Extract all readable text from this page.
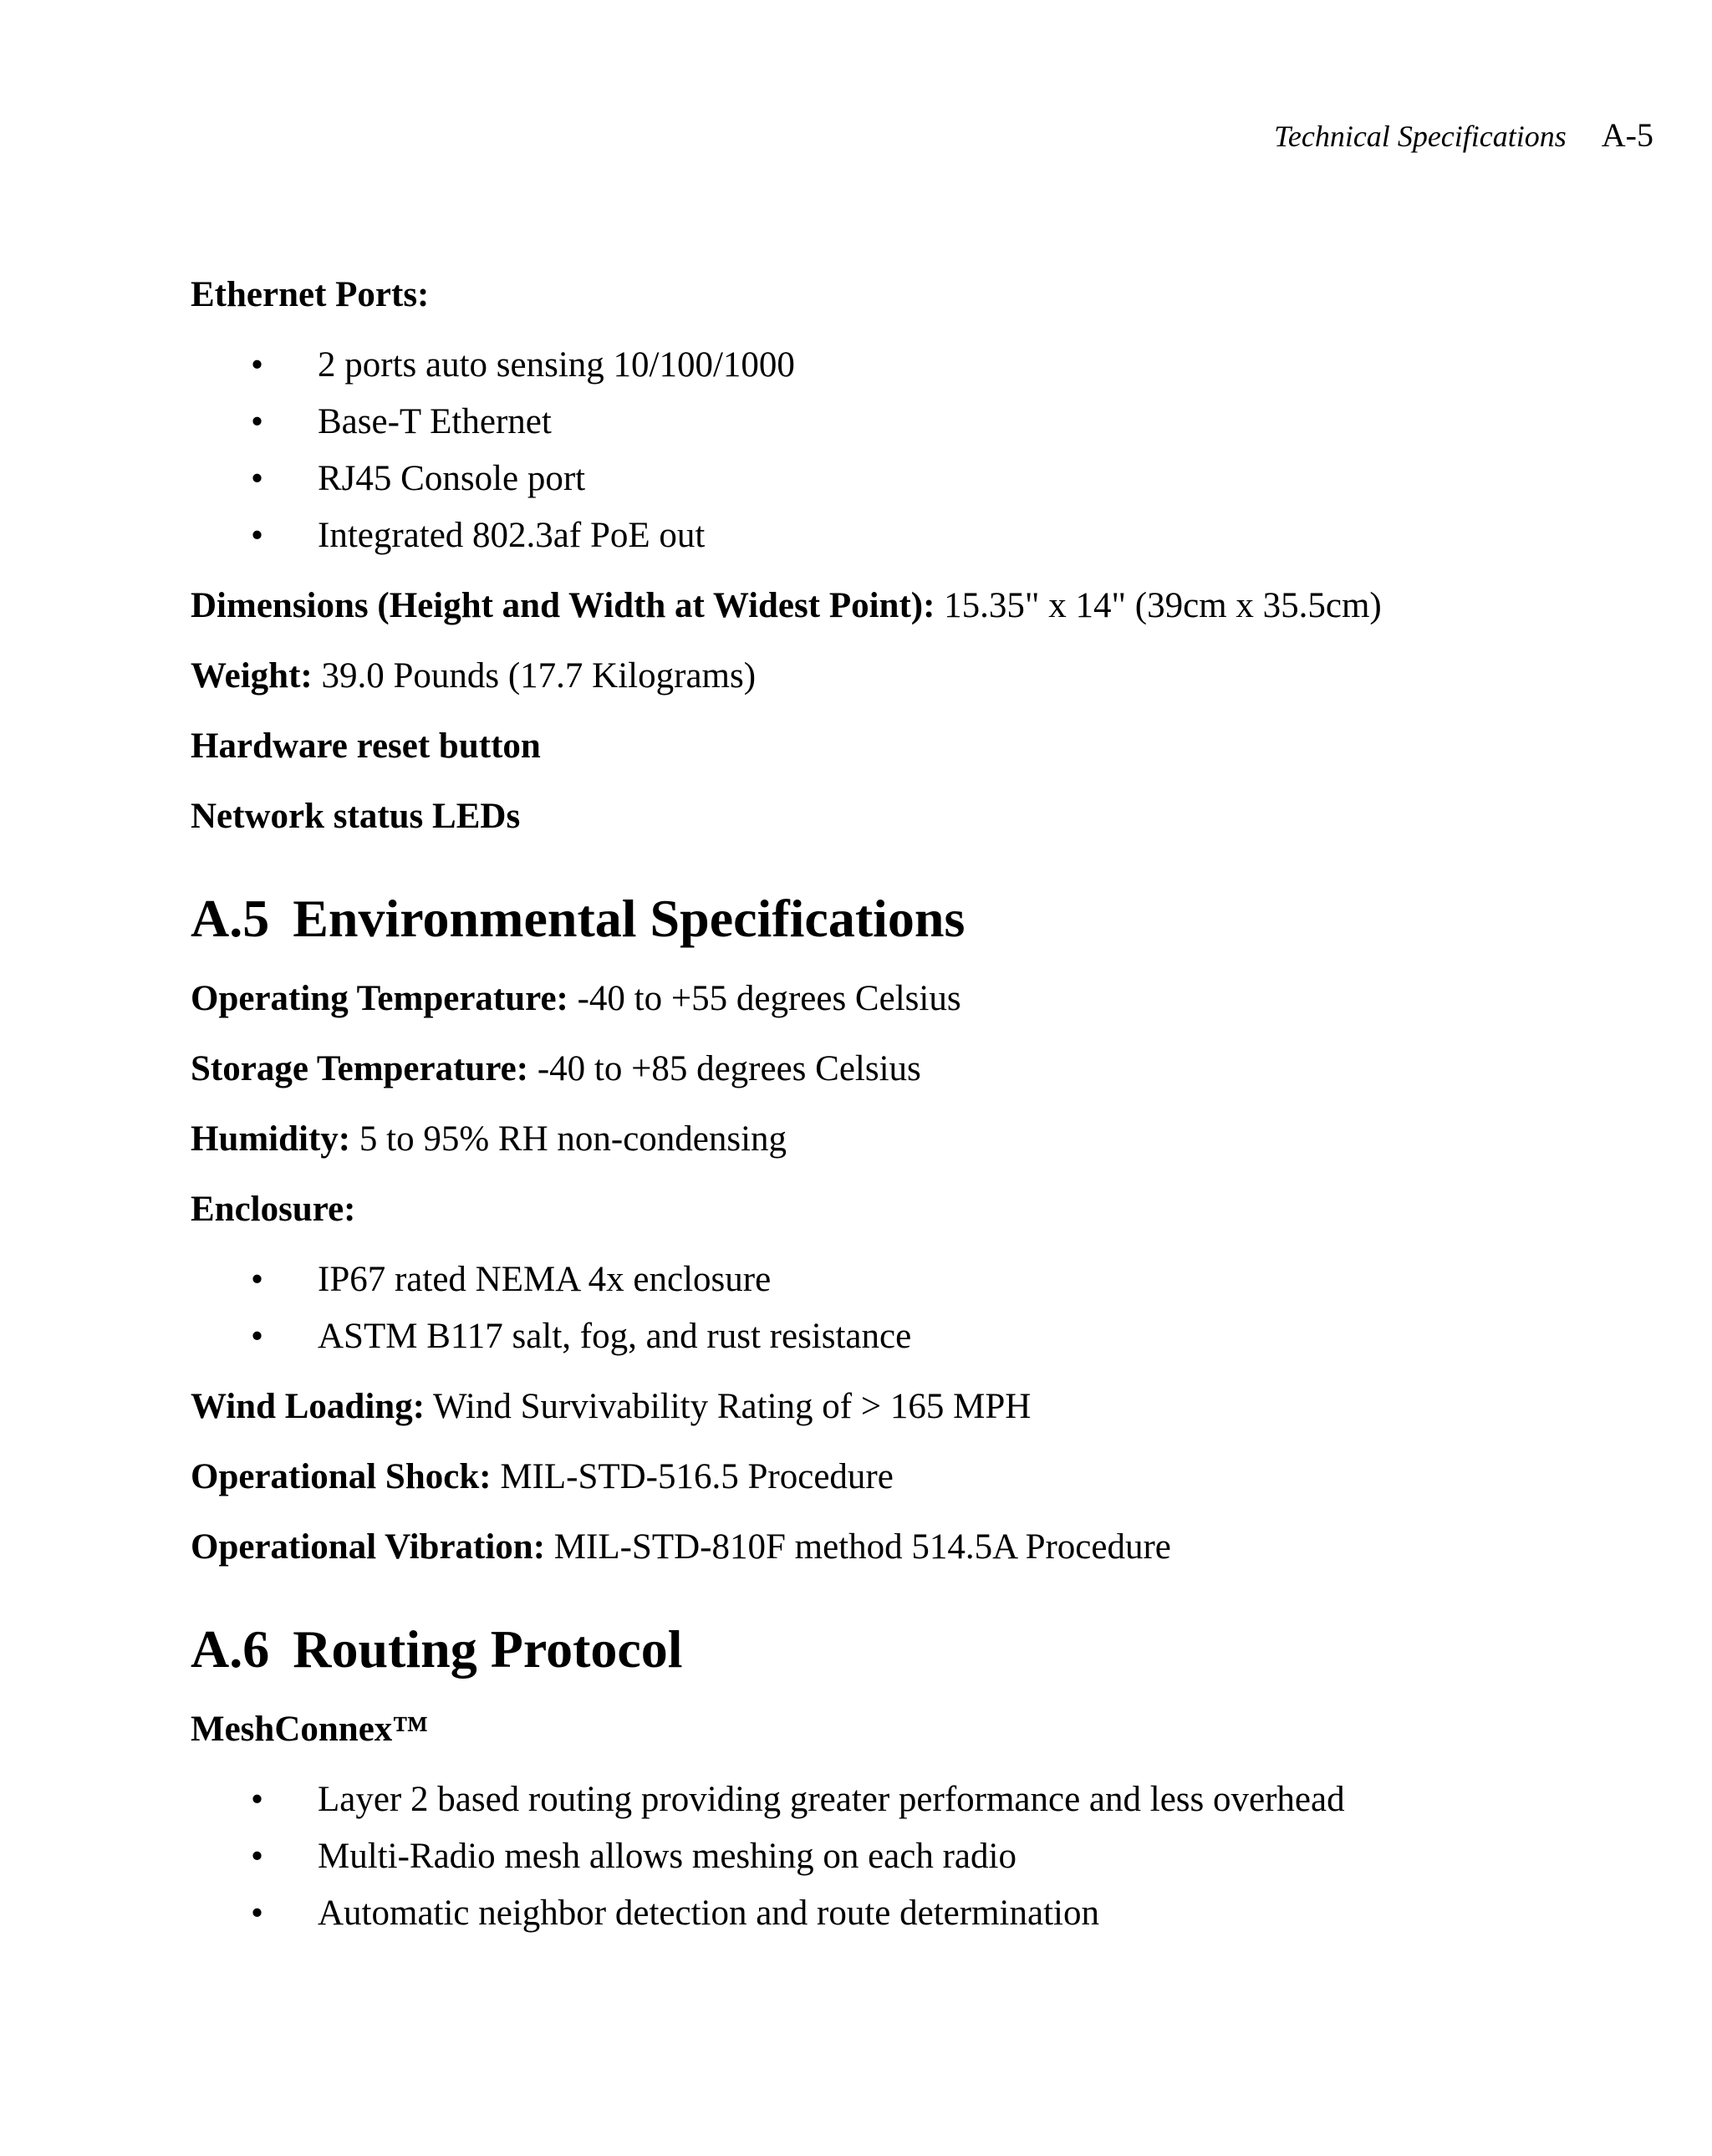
Technical Specifications A-5

Ethernet Ports:

• 2 ports auto sensing 10/100/1000
• Base-T Ethernet
• RJ45 Console port
• Integrated 802.3af PoE out

Dimensions (Height and Width at Widest Point): 15.35" x 14" (39cm x 35.5cm)

Weight: 39.0 Pounds (17.7 Kilograms)

Hardware reset button

Network status LEDs

A.5 Environmental Specifications

Operating Temperature: -40 to +55 degrees Celsius

Storage Temperature: -40 to +85 degrees Celsius

Humidity: 5 to 95% RH non-condensing

Enclosure:

• IP67 rated NEMA 4x enclosure
• ASTM B117 salt, fog, and rust resistance

Wind Loading: Wind Survivability Rating of > 165 MPH

Operational Shock: MIL-STD-516.5 Procedure

Operational Vibration: MIL-STD-810F method 514.5A Procedure

A.6 Routing Protocol

MeshConnex™

• Layer 2 based routing providing greater performance and less overhead
• Multi-Radio mesh allows meshing on each radio
• Automatic neighbor detection and route determination
